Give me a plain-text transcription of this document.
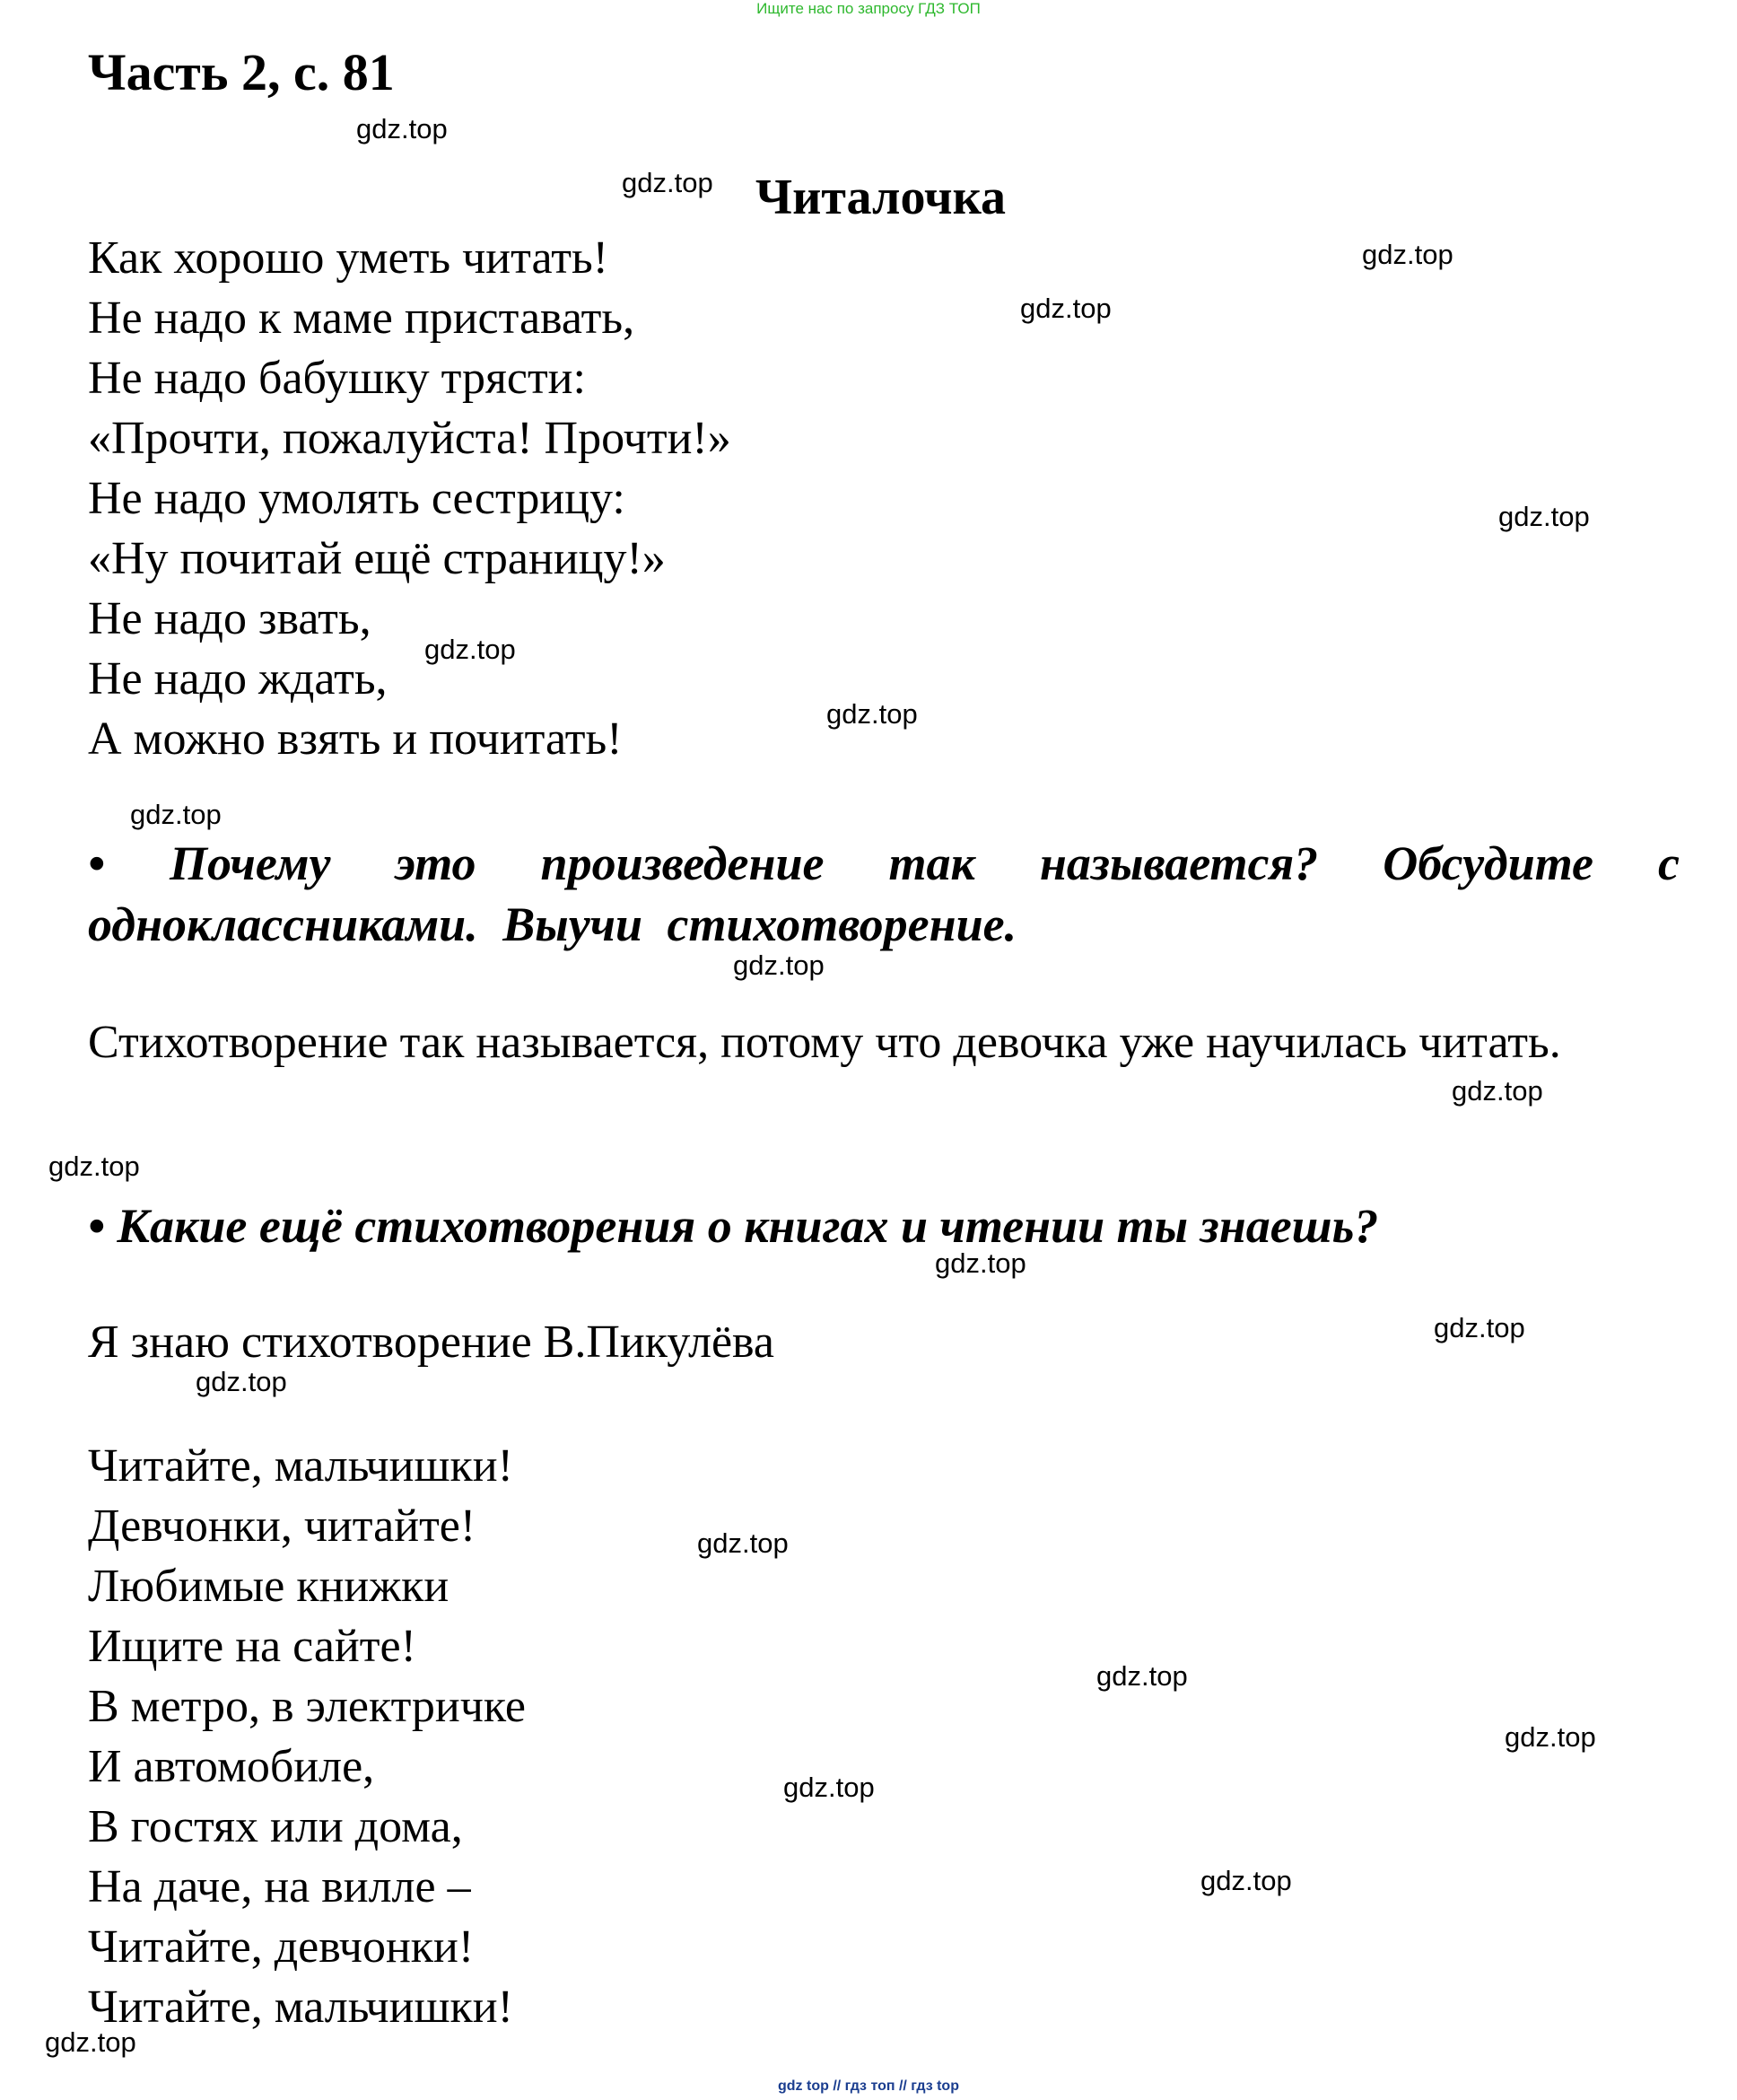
Ищите нас по запросу ГДЗ ТОП
Часть 2, с. 81
Читалочка
Как хорошо уметь читать!
Не надо к маме приставать,
Не надо бабушку трясти:
«Прочти, пожалуйста! Прочти!»
Не надо умолять сестрицу:
«Ну почитай ещё страницу!»
Не надо звать,
Не надо ждать,
А можно взять и почитать!

• Почему это произведение так называется? Обсудите с одноклассниками. Выучи стихотворение.

Стихотворение так называется, потому что девочка уже научилась читать.

• Какие ещё стихотворения о книгах и чтении ты знаешь?

Я знаю стихотворение В.Пикулёва

Читайте, мальчишки!
Девчонки, читайте!
Любимые книжки
Ищите на сайте!
В метро, в электричке
И автомобиле,
В гостях или дома,
На даче, на вилле –
Читайте, девчонки!
Читайте, мальчишки!
gdz.top
gdz.top
gdz.top
gdz.top
gdz.top
gdz.top
gdz.top
gdz.top
gdz.top
gdz.top
gdz.top
gdz.top
gdz.top
gdz.top
gdz.top
gdz.top
gdz.top
gdz.top
gdz.top
gdz.top
gdz top // гдз топ // гдз top
